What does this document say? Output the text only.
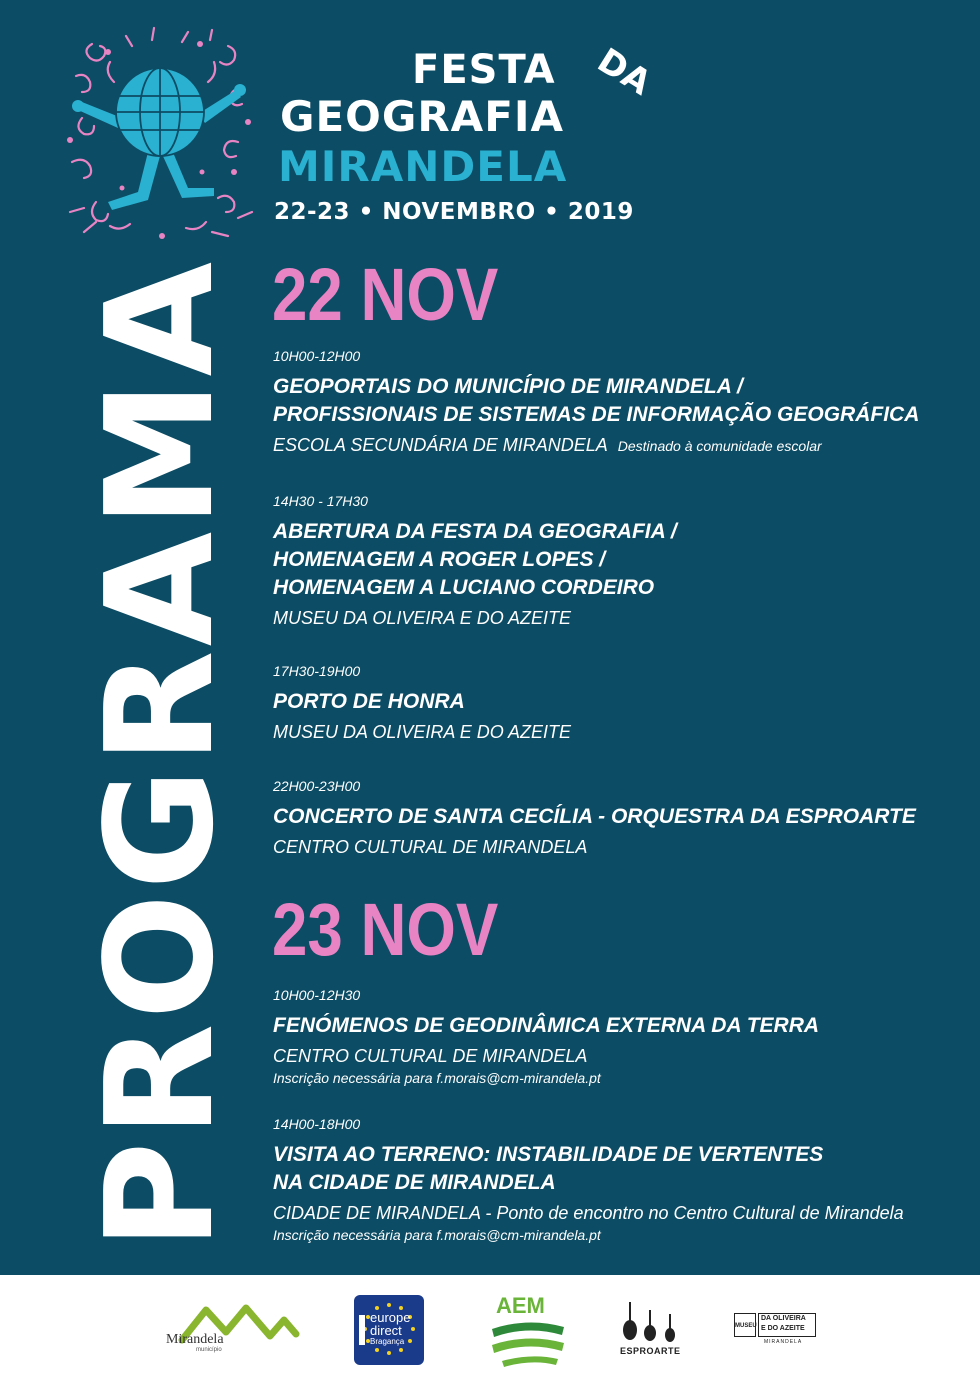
FESTA DA
GEOGRAFIA
MIRANDELA
22-23 • NOVEMBRO • 2019
PROGRAMA 22 NOV
10H00-12H00
GEOPORTAIS DO MUNICÍPIO DE MIRANDELA /
PROFISSIONAIS DE SISTEMAS DE INFORMAÇÃO GEOGRÁFICA
ESCOLA SECUNDÁRIA DE MIRANDELA Destinado à comunidade escolar
14H30 - 17H30
ABERTURA DA FESTA DA GEOGRAFIA /
HOMENAGEM A ROGER LOPES /
HOMENAGEM A LUCIANO CORDEIRO
MUSEU DA OLIVEIRA E DO AZEITE
17H30-19H00
PORTO DE HONRA
MUSEU DA OLIVEIRA E DO AZEITE
22H00-23H00
CONCERTO DE SANTA CECÍLIA - ORQUESTRA DA ESPROARTE
CENTRO CULTURAL DE MIRANDELA
23 NOV
10H00-12H30
FENÓMENOS DE GEODINÂMICA EXTERNA DA TERRA
CENTRO CULTURAL DE MIRANDELA
Inscrição necessária para f.morais@cm-mirandela.pt
14H00-18H00
VISITA AO TERRENO: INSTABILIDADE DE VERTENTES
NA CIDADE DE MIRANDELA
CIDADE DE MIRANDELA - Ponto de encontro no Centro Cultural de Mirandela
Inscrição necessária para f.morais@cm-mirandela.pt
Mirandela
município
europe
direct
Bragança
AEM
ESPROARTE
MUSEU
DA OLIVEIRA
E DO AZEITE
MIRANDELA
